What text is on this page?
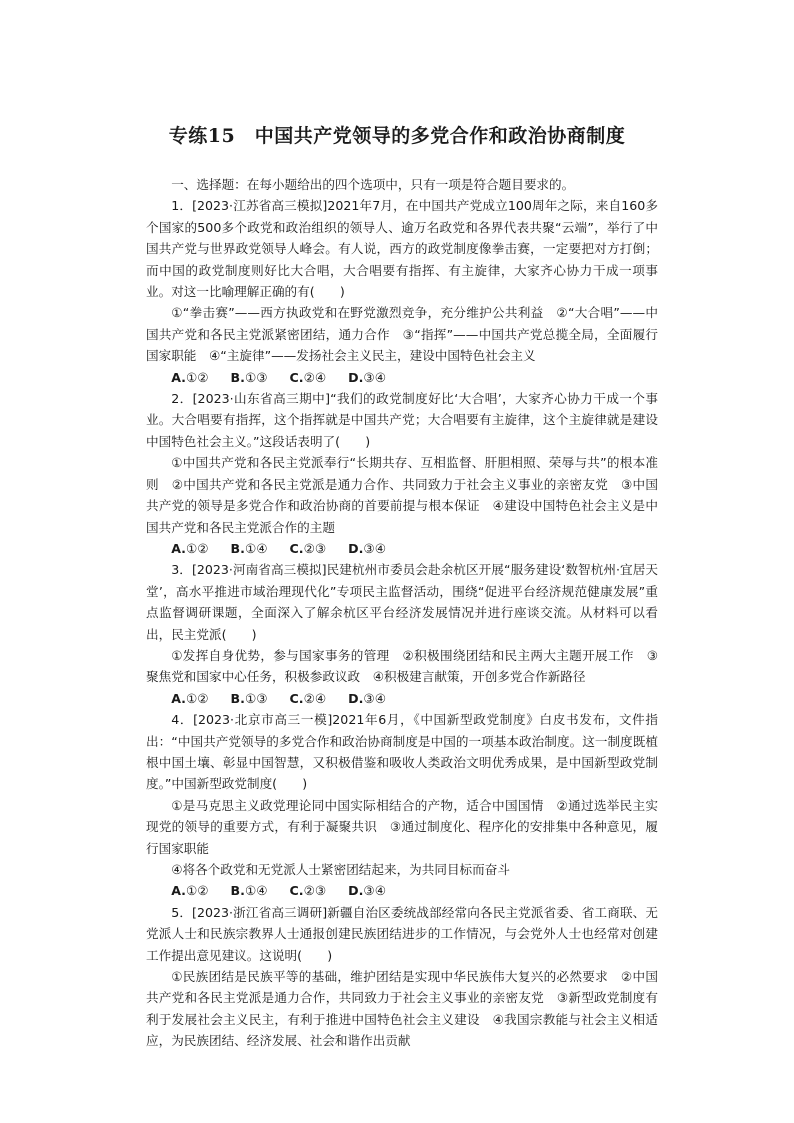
专练15　中国共产党领导的多党合作和政治协商制度

一、选择题：在每小题给出的四个选项中，只有一项是符合题目要求的。

1．[2023·江苏省高三模拟]2021年7月，在中国共产党成立100周年之际，来自160多个国家的500多个政党和政治组织的领导人、逾万名政党和各界代表共聚“云端”，举行了中国共产党与世界政党领导人峰会。有人说，西方的政党制度像拳击赛，一定要把对方打倒；而中国的政党制度则好比大合唱，大合唱要有指挥、有主旋律，大家齐心协力干成一项事业。对这一比喻理解正确的有(　　)

①“拳击赛”——西方执政党和在野党激烈竞争，充分维护公共利益　②“大合唱”——中国共产党和各民主党派紧密团结，通力合作　③“指挥”——中国共产党总揽全局，全面履行国家职能　④“主旋律”——发扬社会主义民主，建设中国特色社会主义

A.①② B.①③ C.②④ D.③④

2．[2023·山东省高三期中]“我们的政党制度好比‘大合唱’，大家齐心协力干成一个事业。大合唱要有指挥，这个指挥就是中国共产党；大合唱要有主旋律，这个主旋律就是建设中国特色社会主义。”这段话表明了(　　)

①中国共产党和各民主党派奉行“长期共存、互相监督、肝胆相照、荣辱与共”的根本准则　②中国共产党和各民主党派是通力合作、共同致力于社会主义事业的亲密友党　③中国共产党的领导是多党合作和政治协商的首要前提与根本保证　④建设中国特色社会主义是中国共产党和各民主党派合作的主题

A.①② B.①④ C.②③ D.③④

3．[2023·河南省高三模拟]民建杭州市委员会赴余杭区开展“服务建设‘数智杭州·宜居天堂’，高水平推进市域治理现代化”专项民主监督活动，围绕“促进平台经济规范健康发展”重点监督调研课题，全面深入了解余杭区平台经济发展情况并进行座谈交流。从材料可以看出，民主党派(　　)

①发挥自身优势，参与国家事务的管理　②积极围绕团结和民主两大主题开展工作　③聚焦党和国家中心任务，积极参政议政　④积极建言献策，开创多党合作新路径

A.①② B.①③ C.②④ D.③④

4．[2023·北京市高三一模]2021年6月，《中国新型政党制度》白皮书发布，文件指出：“中国共产党领导的多党合作和政治协商制度是中国的一项基本政治制度。这一制度既植根中国土壤、彰显中国智慧，又积极借鉴和吸收人类政治文明优秀成果，是中国新型政党制度。”中国新型政党制度(　　)

①是马克思主义政党理论同中国实际相结合的产物，适合中国国情　②通过选举民主实现党的领导的重要方式，有利于凝聚共识　③通过制度化、程序化的安排集中各种意见，履行国家职能

④将各个政党和无党派人士紧密团结起来，为共同目标而奋斗

A.①② B.①④ C.②③ D.③④

5．[2023·浙江省高三调研]新疆自治区委统战部经常向各民主党派省委、省工商联、无党派人士和民族宗教界人士通报创建民族团结进步的工作情况，与会党外人士也经常对创建工作提出意见建议。这说明(　　)

①民族团结是民族平等的基础，维护团结是实现中华民族伟大复兴的必然要求　②中国共产党和各民主党派是通力合作，共同致力于社会主义事业的亲密友党　③新型政党制度有利于发展社会主义民主，有利于推进中国特色社会主义建设　④我国宗教能与社会主义相适应，为民族团结、经济发展、社会和谐作出贡献
